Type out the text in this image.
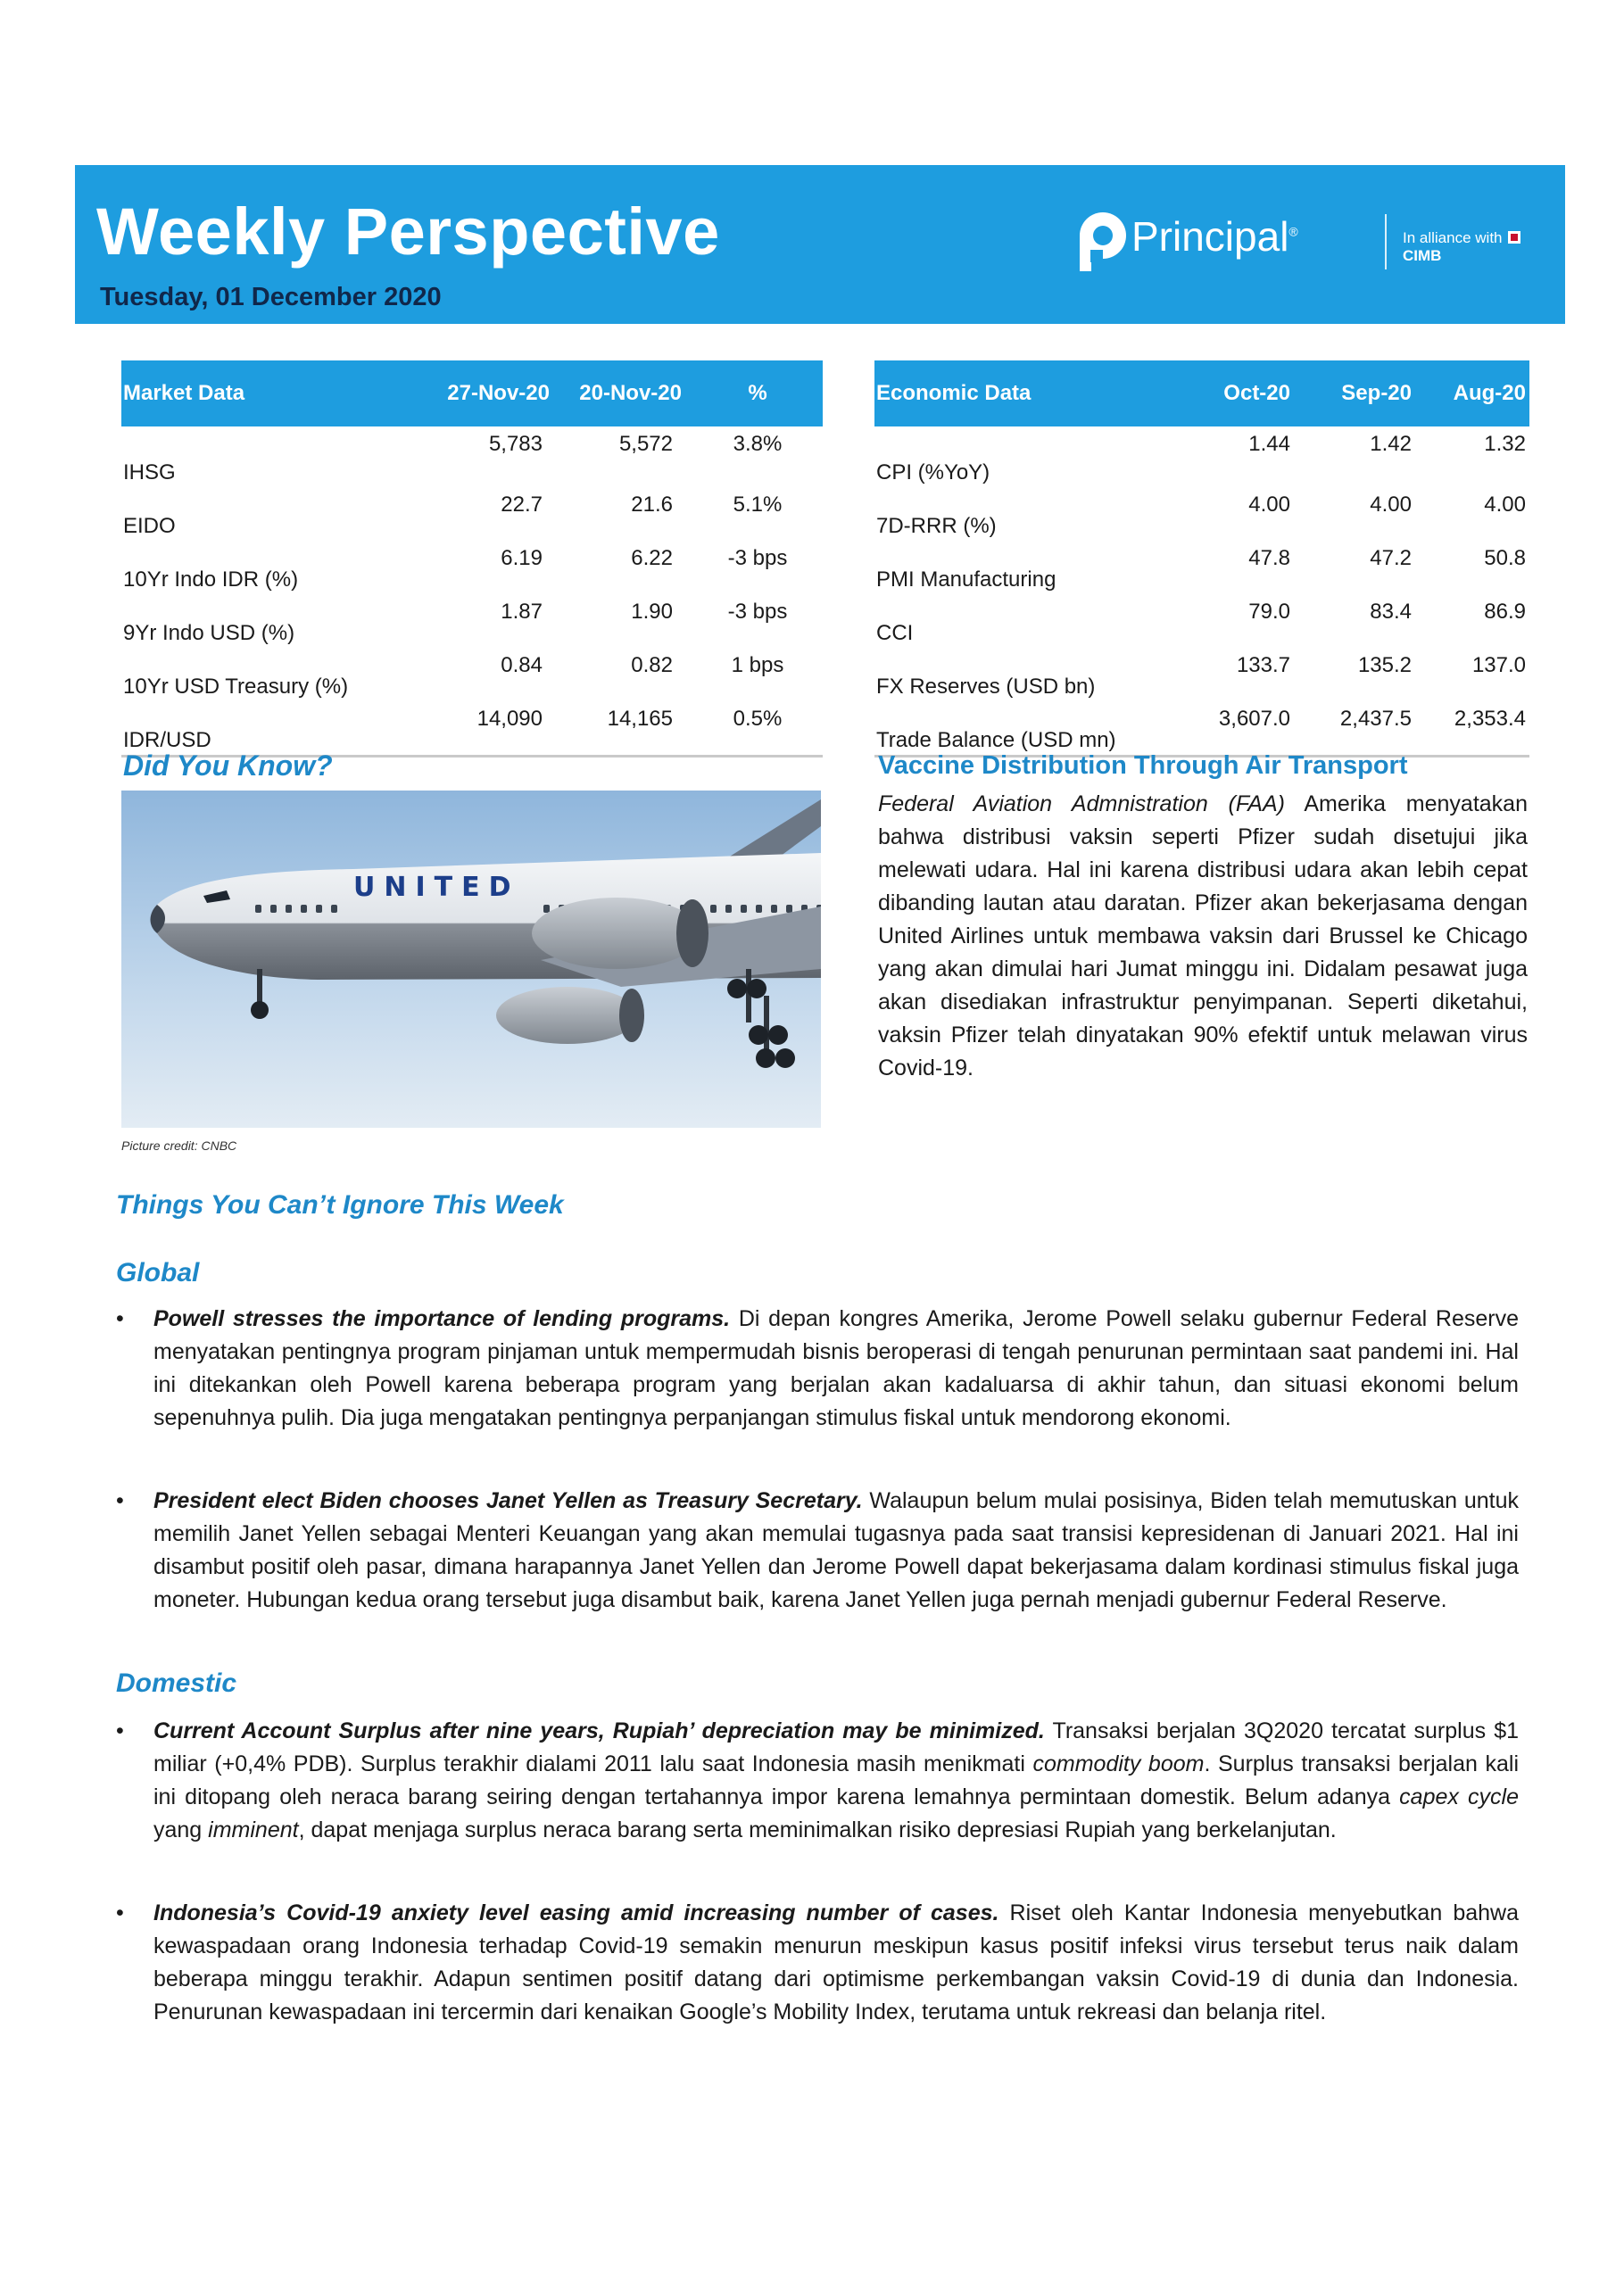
Weekly Perspective
Tuesday, 01 December 2020
Principal®	In alliance withCIMB
Market Data	27-Nov-20	20-Nov-20	%
IHSG	5,783	5,572	3.8%
EIDO	22.7	21.6	5.1%
10Yr Indo IDR (%)	6.19	6.22	-3 bps
9Yr Indo USD (%)	1.87	1.90	-3 bps
10Yr USD Treasury (%)	0.84	0.82	1 bps
IDR/USD	14,090	14,165	0.5%
Economic Data	Oct-20	Sep-20	Aug-20
CPI (%YoY)	1.44	1.42	1.32
7D-RRR (%)	4.00	4.00	4.00
PMI Manufacturing	47.8	47.2	50.8
CCI	79.0	83.4	86.9
FX Reserves (USD bn)	133.7	135.2	137.0
Trade Balance (USD mn)	3,607.0	2,437.5	2,353.4
Did You Know?
UNITED
Picture credit: CNBC
Vaccine Distribution Through Air Transport
Federal Aviation Admnistration (FAA) Amerika menyatakan bahwa distribusi vaksin seperti Pfizer sudah disetujui jika melewati udara. Hal ini karena distribusi udara akan lebih cepat dibanding lautan atau daratan. Pfizer akan bekerjasama dengan United Airlines untuk membawa vaksin dari Brussel ke Chicago yang akan dimulai hari Jumat minggu ini. Didalam pesawat juga akan disediakan infrastruktur penyimpanan. Seperti diketahui, vaksin Pfizer telah dinyatakan 90% efektif untuk melawan virus Covid-19.
Things You Can’t Ignore This Week
Global
• Powell stresses the importance of lending programs. Di depan kongres Amerika, Jerome Powell selaku gubernur Federal Reserve menyatakan pentingnya program pinjaman untuk mempermudah bisnis beroperasi di tengah penurunan permintaan saat pandemi ini. Hal ini ditekankan oleh Powell karena beberapa program yang berjalan akan kadaluarsa di akhir tahun, dan situasi ekonomi belum sepenuhnya pulih. Dia juga mengatakan pentingnya perpanjangan stimulus fiskal untuk mendorong ekonomi.
• President elect Biden chooses Janet Yellen as Treasury Secretary. Walaupun belum mulai posisinya, Biden telah memutuskan untuk memilih Janet Yellen sebagai Menteri Keuangan yang akan memulai tugasnya pada saat transisi kepresidenan di Januari 2021. Hal ini disambut positif oleh pasar, dimana harapannya Janet Yellen dan Jerome Powell dapat bekerjasama dalam kordinasi stimulus fiskal juga moneter. Hubungan kedua orang tersebut juga disambut baik, karena Janet Yellen juga pernah menjadi gubernur Federal Reserve.
Domestic
• Current Account Surplus after nine years, Rupiah’ depreciation may be minimized. Transaksi berjalan 3Q2020 tercatat surplus $1 miliar (+0,4% PDB). Surplus terakhir dialami 2011 lalu saat Indonesia masih menikmati commodity boom. Surplus transaksi berjalan kali ini ditopang oleh neraca barang seiring dengan tertahannya impor karena lemahnya permintaan domestik. Belum adanya capex cycle yang imminent, dapat menjaga surplus neraca barang serta meminimalkan risiko depresiasi Rupiah yang berkelanjutan.
• Indonesia’s Covid-19 anxiety level easing amid increasing number of cases. Riset oleh Kantar Indonesia menyebutkan bahwa kewaspadaan orang Indonesia terhadap Covid-19 semakin menurun meskipun kasus positif infeksi virus tersebut terus naik dalam beberapa minggu terakhir. Adapun sentimen positif datang dari optimisme perkembangan vaksin Covid-19 di dunia dan Indonesia. Penurunan kewaspadaan ini tercermin dari kenaikan Google’s Mobility Index, terutama untuk rekreasi dan belanja ritel.
